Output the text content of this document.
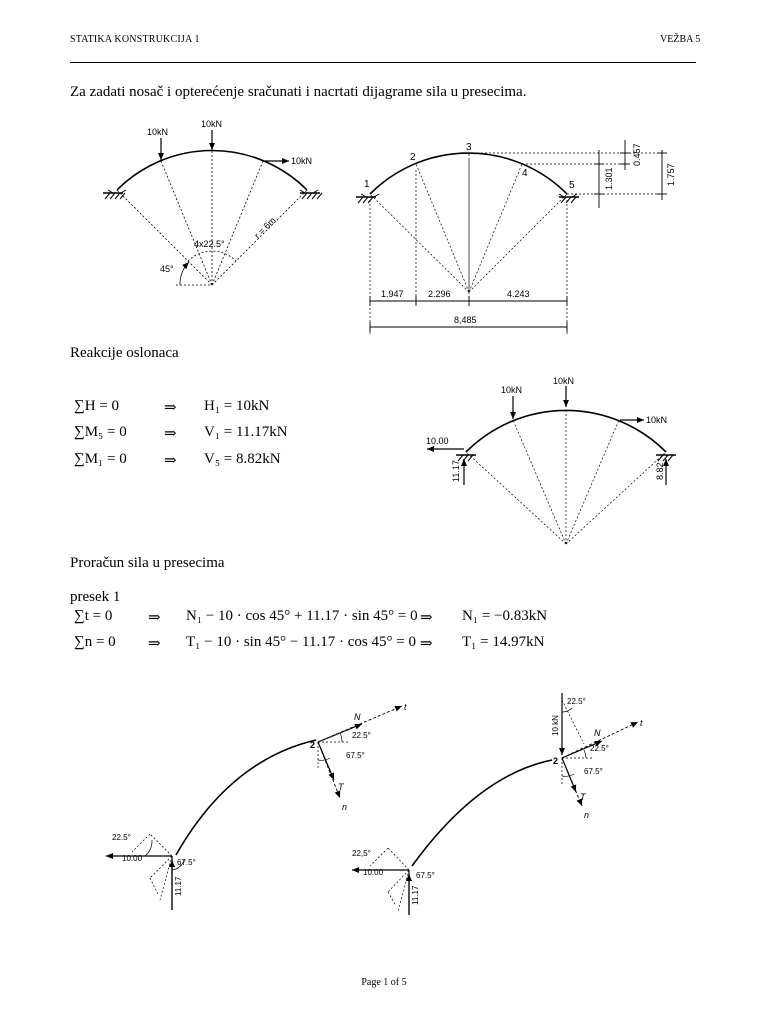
STATIKA KONSTRUKCIJA 1	VEŽBA 5
Za zadati nosač i opterećenje sračunati i nacrtati dijagrame sila u presecima.
10kN
10kN
10kN
4x22.5°
r = 6m
45°
1
2
3
4
5
1.947	2.296	4.243
8,485
0.457
1.301	1.757
10kN
10kN
10kN
10.00
11.17	8.82
22.5°
67.5°
10.00
11.17
2
22.5°
67.5°
t
n
N
T
22,5°
67.5°
10.00
11.17
2
22.5°
10 kN
22.5°
67.5°
t
n
N
T
Reakcije oslonaca
∑H = 0	⇒ H₁ = 10kN
∑M₅ = 0 ⇒ V₁ = 11.17kN
∑M₁ = 0 ⇒ V₅ = 8.82kN
Proračun sila u presecima
presek 1
∑t = 0 ⇒ N₁ − 10 · cos 45° + 11.17 · sin 45° = 0 ⇒ N₁ = −0.83kN
∑n = 0 ⇒ T₁ − 10 · sin 45° − 11.17 · cos 45° = 0 ⇒ T₁ = 14.97kN
Page 1 of 5
